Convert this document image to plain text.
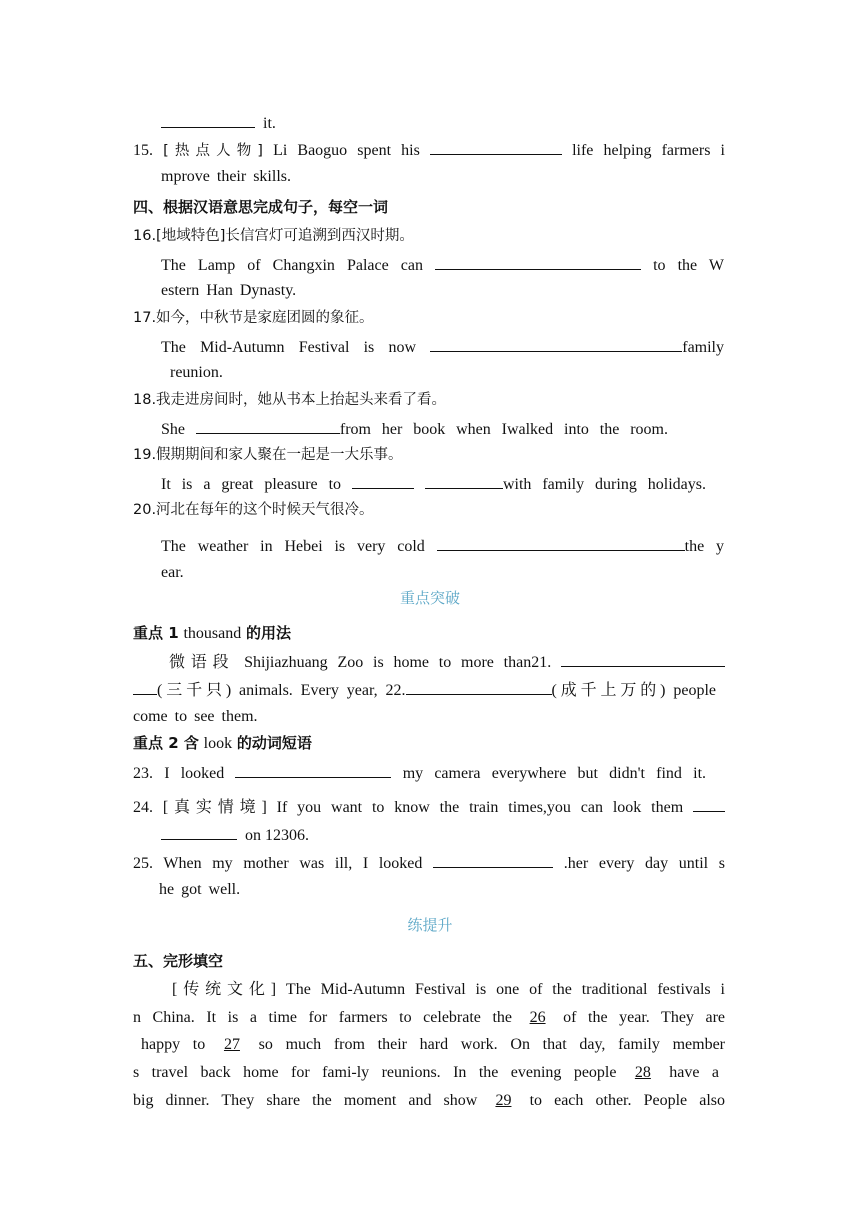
it.
15. [热点人物] Li Baoguo spent his	life helping farmers i
mprove their skills.
四、根据汉语意思完成句子，每空一词
16.[地域特色]长信宫灯可追溯到西汉时期。
The Lamp of Changxin Palace can	to the W
estern Han Dynasty.
17.如今，中秋节是家庭团圆的象征。
The Mid-Autumn Festival is now	family
reunion.
18.我走进房间时，她从书本上抬起头来看了看。
She	from her book when Iwalked into the room.
19.假期期间和家人聚在一起是一大乐事。
It is a great pleasure to	with family during holidays.
20.河北在每年的这个时候天气很冷。
The weather in Hebei is very cold	the y
ear.
重点突破
重点 1 thousand 的用法
微语段 Shijiazhuang Zoo is home to more than21.
(三千只) animals. Every year, 22.	(成千上万的) people
come to see them.
重点 2 含 look 的动词短语
23. I looked	my camera everywhere but didn't find it.
24. [真实情境] If you want to know the train times,you can look them
on 12306.
25. When my mother was ill, I looked	.her every day until s
he got well.
练提升
五、完形填空
[传统文化] The Mid-Autumn Festival is one of the traditional festivals i
n China. It is a time for farmers to celebrate the 26 of the year. They are
happy to 27 so much from their hard work. On that day, family member
s travel back home for fami-ly reunions. In the evening people 28 have a
big dinner. They share the moment and show 29 to each other. People also
